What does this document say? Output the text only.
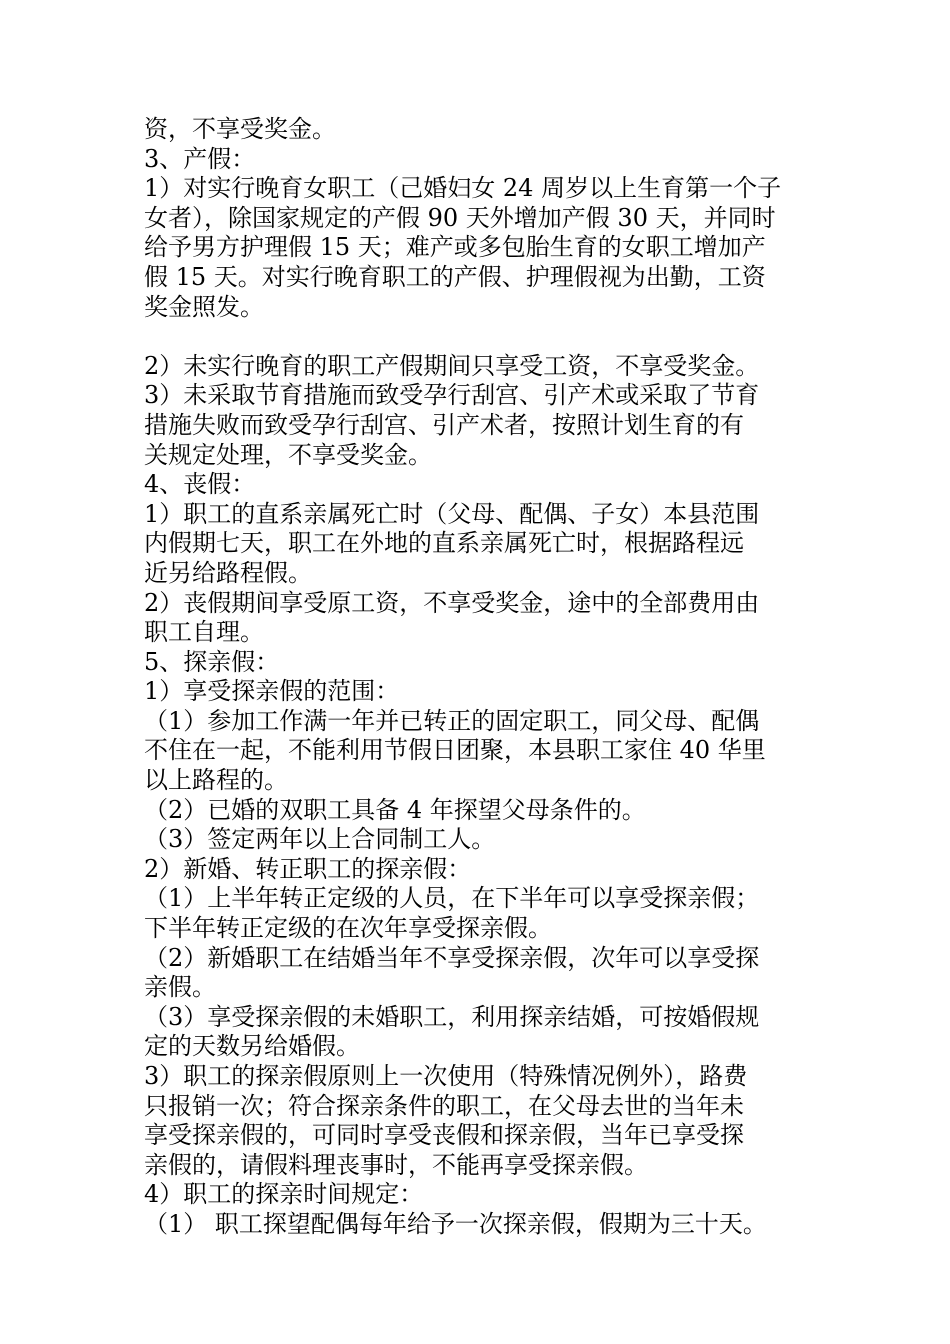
资，不享受奖金。
3、产假：
1）对实行晚育女职工（己婚妇女 24 周岁以上生育第一个子
女者），除国家规定的产假 90 天外增加产假 30 天，并同时
给予男方护理假 15 天；难产或多包胎生育的女职工增加产
假 15 天。对实行晚育职工的产假、护理假视为出勤，工资
奖金照发。
2）未实行晚育的职工产假期间只享受工资，不享受奖金。
3）未采取节育措施而致受孕行刮宫、引产术或采取了节育
措施失败而致受孕行刮宫、引产术者，按照计划生育的有
关规定处理，不享受奖金。
4、丧假：
1）职工的直系亲属死亡时（父母、配偶、子女）本县范围
内假期七天，职工在外地的直系亲属死亡时，根据路程远
近另给路程假。
2）丧假期间享受原工资，不享受奖金，途中的全部费用由
职工自理。
5、探亲假：
1）享受探亲假的范围：
（1）参加工作满一年并已转正的固定职工，同父母、配偶
不住在一起，不能利用节假日团聚，本县职工家住 40 华里
以上路程的。
（2）已婚的双职工具备 4 年探望父母条件的。
（3）签定两年以上合同制工人。
2）新婚、转正职工的探亲假：
（1）上半年转正定级的人员，在下半年可以享受探亲假；
下半年转正定级的在次年享受探亲假。
（2）新婚职工在结婚当年不享受探亲假，次年可以享受探
亲假。
（3）享受探亲假的未婚职工，利用探亲结婚，可按婚假规
定的天数另给婚假。
3）职工的探亲假原则上一次使用（特殊情况例外），路费
只报销一次；符合探亲条件的职工，在父母去世的当年未
享受探亲假的，可同时享受丧假和探亲假，当年已享受探
亲假的，请假料理丧事时，不能再享受探亲假。
4）职工的探亲时间规定：
（1） 职工探望配偶每年给予一次探亲假，假期为三十天。
